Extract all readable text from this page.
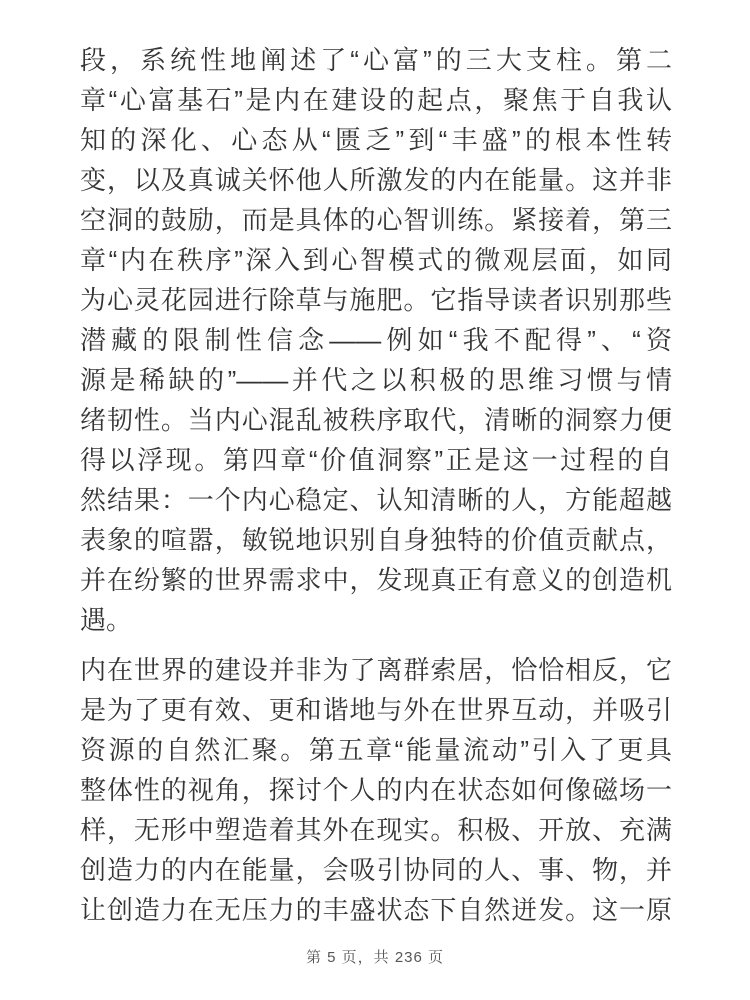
段，系统性地阐述了“心富”的三大支柱。第二
章“心富基石”是内在建设的起点，聚焦于自我认
知的深化、心态从“匮乏”到“丰盛”的根本性转
变，以及真诚关怀他人所激发的内在能量。这并非
空洞的鼓励，而是具体的心智训练。紧接着，第三
章“内在秩序”深入到心智模式的微观层面，如同
为心灵花园进行除草与施肥。它指导读者识别那些
潜藏的限制性信念——例如“我不配得”、“资
源是稀缺的”——并代之以积极的思维习惯与情
绪韧性。当内心混乱被秩序取代，清晰的洞察力便
得以浮现。第四章“价值洞察”正是这一过程的自
然结果：一个内心稳定、认知清晰的人，方能超越
表象的喧嚣，敏锐地识别自身独特的价值贡献点，
并在纷繁的世界需求中，发现真正有意义的创造机
遇。
内在世界的建设并非为了离群索居，恰恰相反，它
是为了更有效、更和谐地与外在世界互动，并吸引
资源的自然汇聚。第五章“能量流动”引入了更具
整体性的视角，探讨个人的内在状态如何像磁场一
样，无形中塑造着其外在现实。积极、开放、充满
创造力的内在能量，会吸引协同的人、事、物，并
让创造力在无压力的丰盛状态下自然迸发。这一原
第 5 页，共 236 页
